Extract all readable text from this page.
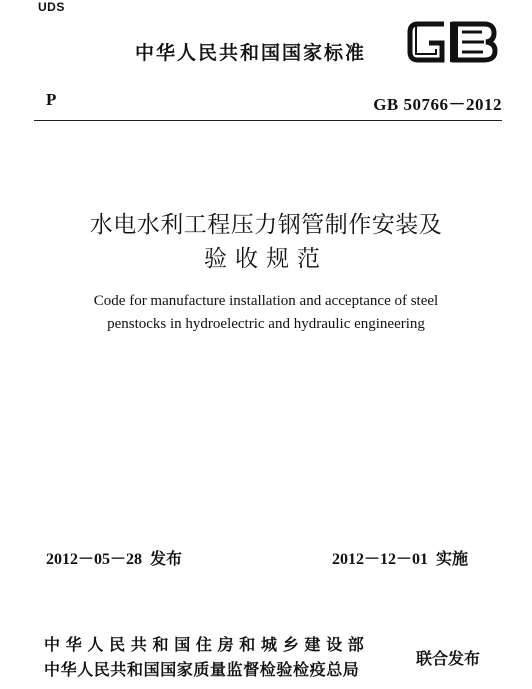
UDS
中华人民共和国国家标准
P	GB 50766－2012
水电水利工程压力钢管制作安装及
验收规范
Code for manufacture installation and acceptance of steel
penstocks in hydroelectric and hydraulic engineering
2012－05－28 发布	2012－12－01 实施
中华人民共和国住房和城乡建设部
中华人民共和国国家质量监督检验检疫总局
联合发布
